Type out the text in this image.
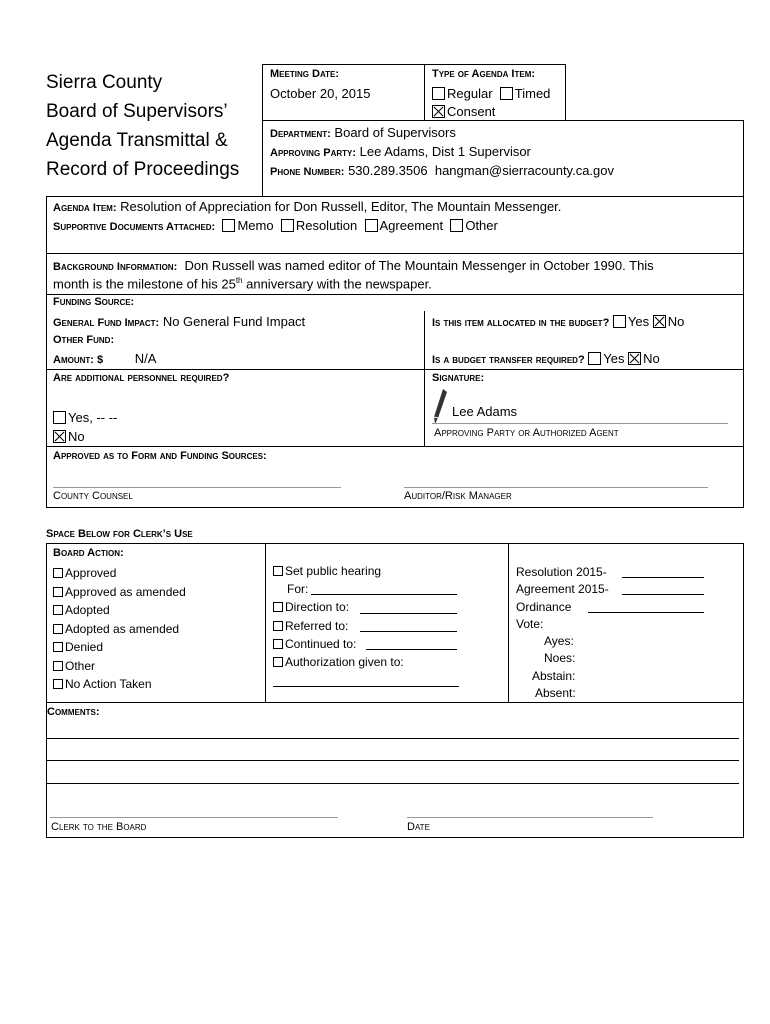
Sierra County
Board of Supervisors’
Agenda Transmittal &
Record of Proceedings
Meeting Date:
October 20, 2015
Type of Agenda Item:
Regular Timed
Consent
Department: Board of Supervisors
Approving Party: Lee Adams, Dist 1 Supervisor
Phone Number: 530.289.3506 hangman@sierracounty.ca.gov
Agenda Item: Resolution of Appreciation for Don Russell, Editor, The Mountain Messenger.
Supportive Documents Attached: Memo Resolution Agreement Other
Background Information: Don Russell was named editor of The Mountain Messenger in October 1990. This
month is the milestone of his 25th anniversary with the newspaper.
Funding Source:
General Fund Impact: No General Fund Impact
Other Fund:
Amount: $ N/A
Is this item allocated in the budget? Yes No
Is a budget transfer required? Yes No
Are additional personnel required?
Yes, -- --
No
Signature:
Lee Adams
Approving Party or Authorized Agent
Approved as to Form and Funding Sources:
County Counsel	Auditor/Risk Manager
Space Below for Clerk’s Use
Board Action:
Approved
Approved as amended
Adopted
Adopted as amended
Denied
Other
No Action Taken
Set public hearing
For:
Direction to:
Referred to:
Continued to:
Authorization given to:
Resolution 2015-
Agreement 2015-
Ordinance
Vote:
Ayes:
Noes:
Abstain:
Absent:
Comments:
Clerk to the Board	Date
